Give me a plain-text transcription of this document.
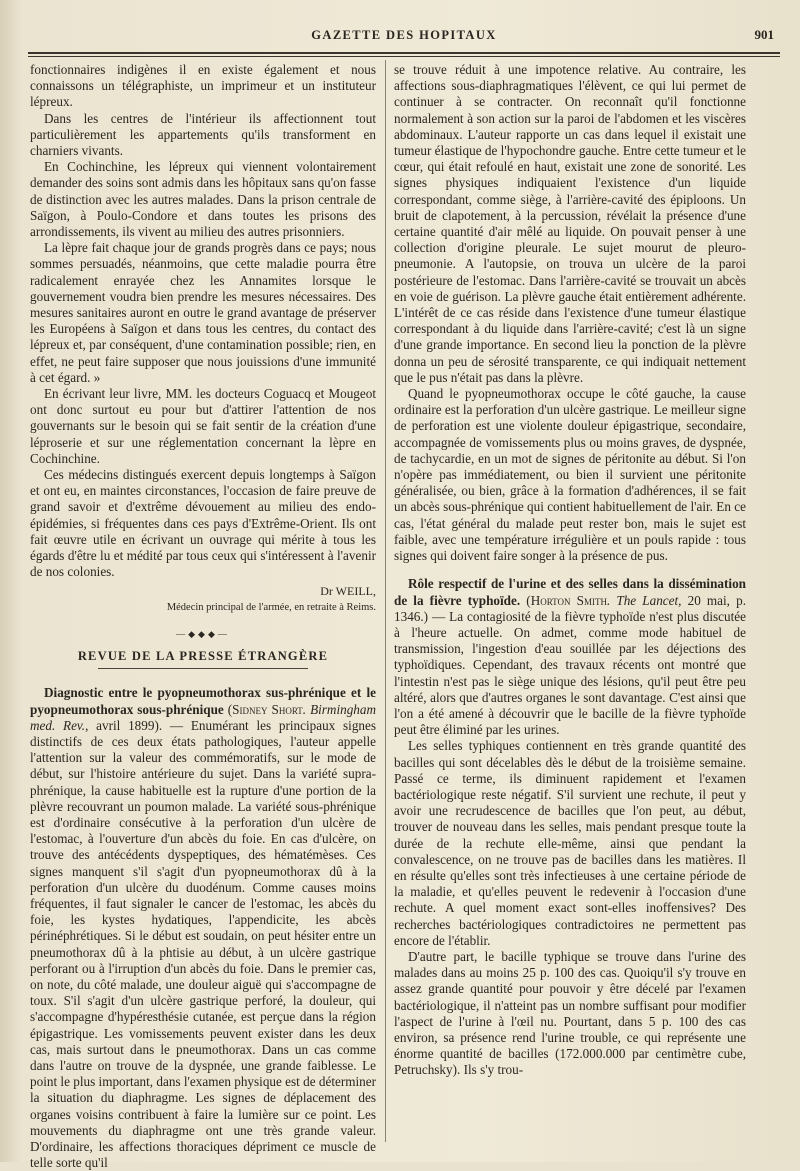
GAZETTE DES HOPITAUX	901

fonctionnaires indigènes il en existe également et nous connaissons un télégraphiste, un imprimeur et un instituteur lépreux.

Dans les centres de l'intérieur ils affectionnent tout particulièrement les appartements qu'ils transforment en charniers vivants.

En Cochinchine, les lépreux qui viennent volontairement demander des soins sont admis dans les hôpitaux sans qu'on fasse de distinction avec les autres malades. Dans la prison centrale de Saïgon, à Poulo-Condore et dans toutes les prisons des arrondissements, ils vivent au milieu des autres prisonniers.

La lèpre fait chaque jour de grands progrès dans ce pays; nous sommes persuadés, néanmoins, que cette maladie pourra être radicalement enrayée chez les Annamites lorsque le gouvernement voudra bien prendre les mesures nécessaires. Des mesures sanitaires auront en outre le grand avantage de préserver les Européens à Saïgon et dans tous les centres, du contact des lépreux et, par conséquent, d'une contamination possible; rien, en effet, ne peut faire supposer que nous jouissions d'une immunité à cet égard. »

En écrivant leur livre, MM. les docteurs Coguacq et Mougeot ont donc surtout eu pour but d'attirer l'attention de nos gouvernants sur le besoin qui se fait sentir de la création d'une léproserie et sur une réglementation concernant la lèpre en Cochinchine.

Ces médecins distingués exercent depuis longtemps à Saïgon et ont eu, en maintes circonstances, l'occasion de faire preuve de grand savoir et d'extrême dévouement au milieu des endo-épidémies, si fréquentes dans ces pays d'Extrême-Orient. Ils ont fait œuvre utile en écrivant un ouvrage qui mérite à tous les égards d'être lu et médité par tous ceux qui s'intéressent à l'avenir de nos colonies.

Dr WEILL,
Médecin principal de l'armée, en retraite à Reims.
—◆◆◆—
REVUE DE LA PRESSE ÉTRANGÈRE

Diagnostic entre le pyopneumothorax sus-phrénique et le pyopneumothorax sous-phrénique (Sidney Short. Birmingham med. Rev., avril 1899). — Enumérant les principaux signes distinctifs de ces deux états pathologiques, l'auteur appelle l'attention sur la valeur des commémoratifs, sur le mode de début, sur l'histoire antérieure du sujet. Dans la variété supra-phrénique, la cause habituelle est la rupture d'une portion de la plèvre recouvrant un poumon malade. La variété sous-phrénique est d'ordinaire consécutive à la perforation d'un ulcère de l'estomac, à l'ouverture d'un abcès du foie. En cas d'ulcère, on trouve des antécédents dyspeptiques, des hématémèses. Ces signes manquent s'il s'agit d'un pyopneumothorax dû à la perforation d'un ulcère du duodénum. Comme causes moins fréquentes, il faut signaler le cancer de l'estomac, les abcès du foie, les kystes hydatiques, l'appendicite, les abcès périnéphrétiques. Si le début est soudain, on peut hésiter entre un pneumothorax dû à la phtisie au début, à un ulcère gastrique perforant ou à l'irruption d'un abcès du foie. Dans le premier cas, on note, du côté malade, une douleur aiguë qui s'accompagne de toux. S'il s'agit d'un ulcère gastrique perforé, la douleur, qui s'accompagne d'hypéresthésie cutanée, est perçue dans la région épigastrique. Les vomissements peuvent exister dans les deux cas, mais surtout dans le pneumothorax. Dans un cas comme dans l'autre on trouve de la dyspnée, une grande faiblesse. Le point le plus important, dans l'examen physique est de déterminer la situation du diaphragme. Les signes de déplacement des organes voisins contribuent à faire la lumière sur ce point. Les mouvements du diaphragme ont une très grande valeur. D'ordinaire, les affections thoraciques dépriment ce muscle de telle sorte qu'il

se trouve réduit à une impotence relative. Au contraire, les affections sous-diaphragmatiques l'élèvent, ce qui lui permet de continuer à se contracter. On reconnaît qu'il fonctionne normalement à son action sur la paroi de l'abdomen et les viscères abdominaux. L'auteur rapporte un cas dans lequel il existait une tumeur élastique de l'hypochondre gauche. Entre cette tumeur et le cœur, qui était refoulé en haut, existait une zone de sonorité. Les signes physiques indiquaient l'existence d'un liquide correspondant, comme siège, à l'arrière-cavité des épiploons. Un bruit de clapotement, à la percussion, révélait la présence d'une certaine quantité d'air mêlé au liquide. On pouvait penser à une collection d'origine pleurale. Le sujet mourut de pleuro-pneumonie. A l'autopsie, on trouva un ulcère de la paroi postérieure de l'estomac. Dans l'arrière-cavité se trouvait un abcès en voie de guérison. La plèvre gauche était entièrement adhérente. L'intérêt de ce cas réside dans l'existence d'une tumeur élastique correspondant à du liquide dans l'arrière-cavité; c'est là un signe d'une grande importance. En second lieu la ponction de la plèvre donna un peu de sérosité transparente, ce qui indiquait nettement que le pus n'était pas dans la plèvre.

Quand le pyopneumothorax occupe le côté gauche, la cause ordinaire est la perforation d'un ulcère gastrique. Le meilleur signe de perforation est une violente douleur épigastrique, secondaire, accompagnée de vomissements plus ou moins graves, de dyspnée, de tachycardie, en un mot de signes de péritonite au début. Si l'on n'opère pas immédiatement, ou bien il survient une péritonite généralisée, ou bien, grâce à la formation d'adhérences, il se fait un abcès sous-phrénique qui contient habituellement de l'air. En ce cas, l'état général du malade peut rester bon, mais le sujet est faible, avec une température irrégulière et un pouls rapide : tous signes qui doivent faire songer à la présence de pus.

Rôle respectif de l'urine et des selles dans la dissémination de la fièvre typhoïde. (Horton Smith. The Lancet, 20 mai, p. 1346.) — La contagiosité de la fièvre typhoïde n'est plus discutée à l'heure actuelle. On admet, comme mode habituel de transmission, l'ingestion d'eau souillée par les déjections des typhoïdiques. Cependant, des travaux récents ont montré que l'intestin n'est pas le siège unique des lésions, qu'il peut être peu altéré, alors que d'autres organes le sont davantage. C'est ainsi que l'on a été amené à découvrir que le bacille de la fièvre typhoïde peut être éliminé par les urines.

Les selles typhiques contiennent en très grande quantité des bacilles qui sont décelables dès le début de la troisième semaine. Passé ce terme, ils diminuent rapidement et l'examen bactériologique reste négatif. S'il survient une rechute, il peut y avoir une recrudescence de bacilles que l'on peut, au début, trouver de nouveau dans les selles, mais pendant presque toute la durée de la rechute elle-même, ainsi que pendant la convalescence, on ne trouve pas de bacilles dans les matières. Il en résulte qu'elles sont très infectieuses à une certaine période de la maladie, et qu'elles peuvent le redevenir à l'occasion d'une rechute. A quel moment exact sont-elles inoffensives? Des recherches bactériologiques contradictoires ne permettent pas encore de l'établir.

D'autre part, le bacille typhique se trouve dans l'urine des malades dans au moins 25 p. 100 des cas. Quoiqu'il s'y trouve en assez grande quantité pour pouvoir y être décelé par l'examen bactériologique, il n'atteint pas un nombre suffisant pour modifier l'aspect de l'urine à l'œil nu. Pourtant, dans 5 p. 100 des cas environ, sa présence rend l'urine trouble, ce qui représente une énorme quantité de bacilles (172.000.000 par centimètre cube, Petruchsky). Ils s'y trou-
